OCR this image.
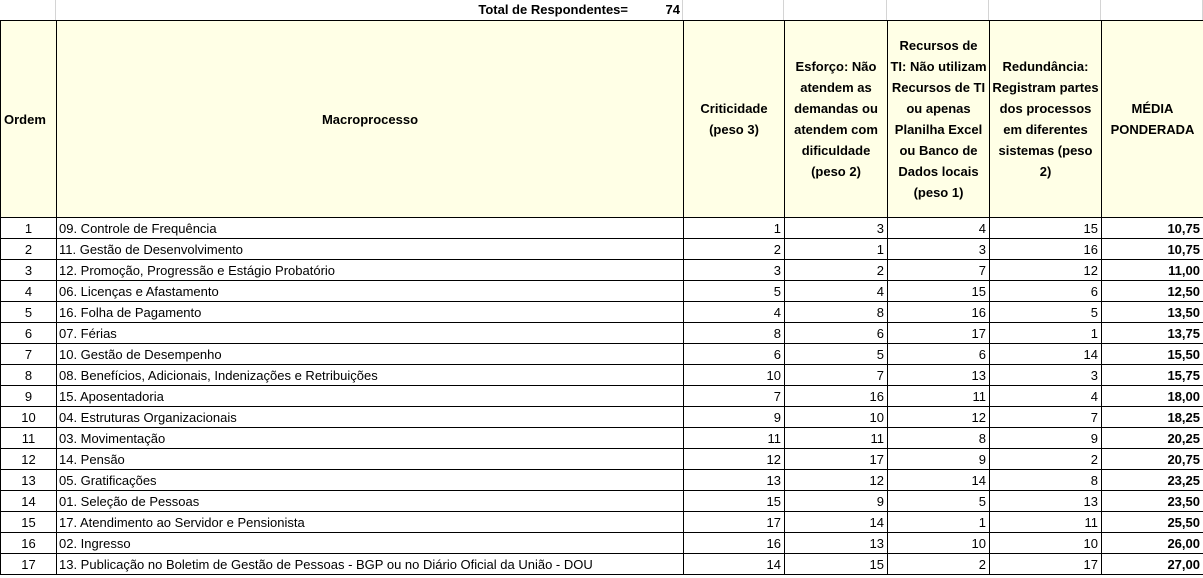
Total de Respondentes=	74
Ordem	Macroprocesso	Criticidade (peso 3)	Esforço: Não atendem as demandas ou atendem com dificuldade (peso 2)	Recursos de TI: Não utilizam Recursos de TI ou apenas Planilha Excel ou Banco de Dados locais (peso 1)	Redundância: Registram partes dos processos em diferentes sistemas (peso 2)	MÉDIA PONDERADA
1	09. Controle de Frequência	1	3	4	15	10,75
2	11. Gestão de Desenvolvimento	2	1	3	16	10,75
3	12. Promoção, Progressão e Estágio Probatório	3	2	7	12	11,00
4	06. Licenças e Afastamento	5	4	15	6	12,50
5	16. Folha de Pagamento	4	8	16	5	13,50
6	07. Férias	8	6	17	1	13,75
7	10. Gestão de Desempenho	6	5	6	14	15,50
8	08. Benefícios, Adicionais, Indenizações e Retribuições	10	7	13	3	15,75
9	15. Aposentadoria	7	16	11	4	18,00
10	04. Estruturas Organizacionais	9	10	12	7	18,25
11	03. Movimentação	11	11	8	9	20,25
12	14. Pensão	12	17	9	2	20,75
13	05. Gratificações	13	12	14	8	23,25
14	01. Seleção de Pessoas	15	9	5	13	23,50
15	17. Atendimento ao Servidor e Pensionista	17	14	1	11	25,50
16	02. Ingresso	16	13	10	10	26,00
17	13. Publicação no Boletim de Gestão de Pessoas - BGP ou no Diário Oficial da União - DOU	14	15	2	17	27,00
